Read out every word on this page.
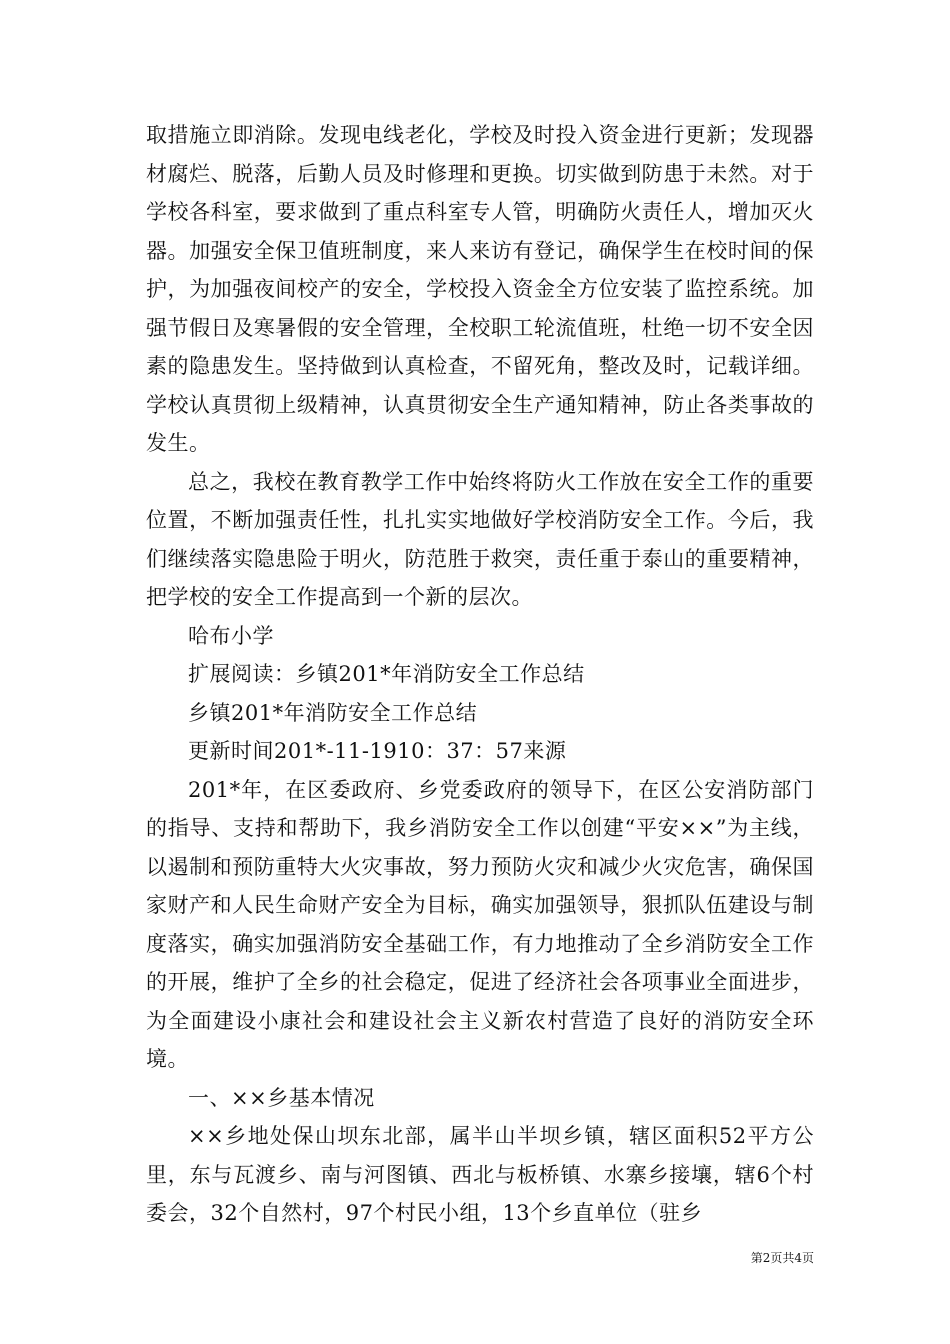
取措施立即消除。发现电线老化，学校及时投入资金进行更新；发现器材腐烂、脱落，后勤人员及时修理和更换。切实做到防患于未然。对于学校各科室，要求做到了重点科室专人管，明确防火责任人，增加灭火器。加强安全保卫值班制度，来人来访有登记，确保学生在校时间的保护，为加强夜间校产的安全，学校投入资金全方位安装了监控系统。加强节假日及寒暑假的安全管理，全校职工轮流值班，杜绝一切不安全因素的隐患发生。坚持做到认真检查，不留死角，整改及时，记载详细。学校认真贯彻上级精神，认真贯彻安全生产通知精神，防止各类事故的发生。

总之，我校在教育教学工作中始终将防火工作放在安全工作的重要位置，不断加强责任性，扎扎实实地做好学校消防安全工作。今后，我们继续落实隐患险于明火，防范胜于救突，责任重于泰山的重要精神，把学校的安全工作提高到一个新的层次。

哈布小学

扩展阅读：乡镇201*年消防安全工作总结

乡镇201*年消防安全工作总结

更新时间201*-11-1910：37：57来源

201*年，在区委政府、乡党委政府的领导下，在区公安消防部门的指导、支持和帮助下，我乡消防安全工作以创建“平安××”为主线，以遏制和预防重特大火灾事故，努力预防火灾和减少火灾危害，确保国家财产和人民生命财产安全为目标，确实加强领导，狠抓队伍建设与制度落实，确实加强消防安全基础工作，有力地推动了全乡消防安全工作的开展，维护了全乡的社会稳定，促进了经济社会各项事业全面进步，为全面建设小康社会和建设社会主义新农村营造了良好的消防安全环境。

一、××乡基本情况

××乡地处保山坝东北部，属半山半坝乡镇，辖区面积52平方公里，东与瓦渡乡、南与河图镇、西北与板桥镇、水寨乡接壤，辖6个村委会，32个自然村，97个村民小组，13个乡直单位（驻乡

第2页共4页
